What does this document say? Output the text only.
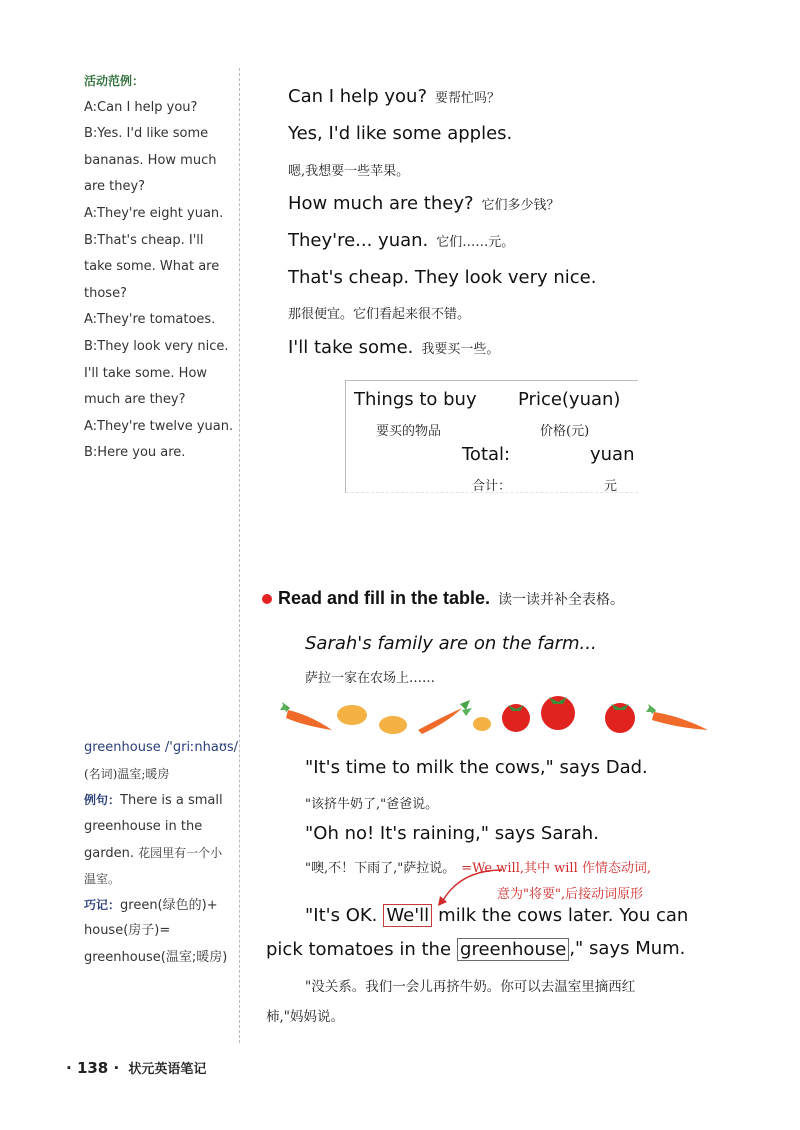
活动范例：
A:Can I help you?
B:Yes. I'd like some
bananas. How much
are they?
A:They're eight yuan.
B:That's cheap. I'll
take some. What are
those?
A:They're tomatoes.
B:They look very nice.
I'll take some. How
much are they?
A:They're twelve yuan.
B:Here you are.
greenhouse /'ɡriːnhaʊs/
(名词)温室;暖房
例句：There is a small
greenhouse in the
garden. 花园里有一个小
温室。
巧记：green(绿色的)+
house(房子)=
greenhouse(温室;暖房)
Can I help you? 要帮忙吗？
Yes, I'd like some apples.
嗯,我想要一些苹果。
How much are they? 它们多少钱？
They're... yuan. 它们……元。
That's cheap. They look very nice.
那很便宜。它们看起来很不错。
I'll take some. 我要买一些。
Things to buy Price(yuan)
要买的物品	价格(元)
Total:	yuan
合计：	元
Read and fill in the table. 读一读并补全表格。
Sarah's family are on the farm...
萨拉一家在农场上……
"It's time to milk the cows," says Dad.
"该挤牛奶了,"爸爸说。
"Oh no! It's raining," says Sarah.
"噢,不！下雨了,"萨拉说。 =We will,其中 will 作情态动词,
意为"将要",后接动词原形
"It's OK. We'll milk the cows later. You can
pick tomatoes in the greenhouse ," says Mum.
"没关系。我们一会儿再挤牛奶。你可以去温室里摘西红
柿,"妈妈说。
· 138 · 状元英语笔记
